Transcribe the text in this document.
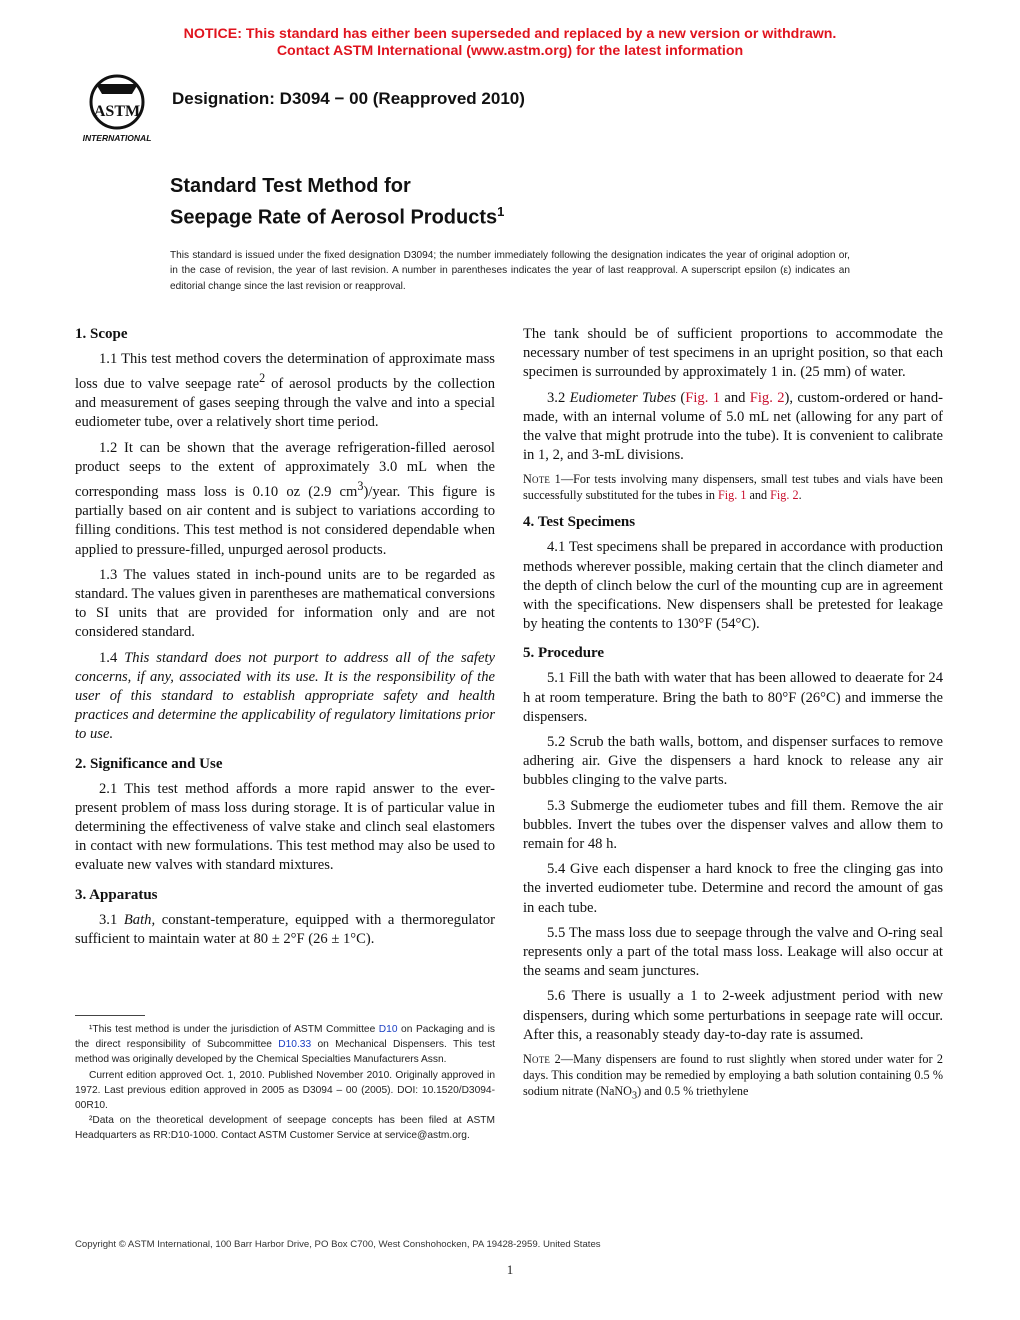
NOTICE: This standard has either been superseded and replaced by a new version or withdrawn.
Contact ASTM International (www.astm.org) for the latest information
ASTM
INTERNATIONAL
Designation: D3094 − 00 (Reapproved 2010)
Standard Test Method for
Seepage Rate of Aerosol Products$^1$
This standard is issued under the fixed designation D3094; the number immediately following the designation indicates the year of original adoption or, in the case of revision, the year of last revision. A number in parentheses indicates the year of last reapproval. A superscript epsilon (ε) indicates an editorial change since the last revision or reapproval.
1. Scope

1.1 This test method covers the determination of approximate mass loss due to valve seepage rate$^2$ of aerosol products by the collection and measurement of gases seeping through the valve and into a special eudiometer tube, over a relatively short time period.

1.2 It can be shown that the average refrigeration-filled aerosol product seeps to the extent of approximately 3.0 mL when the corresponding mass loss is 0.10 oz (2.9 $cm^3$)/year. This figure is partially based on air content and is subject to variations according to filling conditions. This test method is not considered dependable when applied to pressure-filled, unpurged aerosol products.

1.3 The values stated in inch-pound units are to be regarded as standard. The values given in parentheses are mathematical conversions to SI units that are provided for information only and are not considered standard.

1.4 This standard does not purport to address all of the safety concerns, if any, associated with its use. It is the responsibility of the user of this standard to establish appropriate safety and health practices and determine the applicability of regulatory limitations prior to use.

2. Significance and Use

2.1 This test method affords a more rapid answer to the ever-present problem of mass loss during storage. It is of particular value in determining the effectiveness of valve stake and clinch seal elastomers in contact with new formulations. This test method may also be used to evaluate new valves with standard mixtures.

3. Apparatus

3.1 Bath, constant-temperature, equipped with a thermoregulator sufficient to maintain water at 80 ± 2°F (26 ± 1°C).

¹This test method is under the jurisdiction of ASTM Committee D10 on Packaging and is the direct responsibility of Subcommittee D10.33 on Mechanical Dispensers. This test method was originally developed by the Chemical Specialties Manufacturers Assn.

Current edition approved Oct. 1, 2010. Published November 2010. Originally approved in 1972. Last previous edition approved in 2005 as D3094 – 00 (2005). DOI: 10.1520/D3094-00R10.

²Data on the theoretical development of seepage concepts has been filed at ASTM Headquarters as RR:D10-1000. Contact ASTM Customer Service at service@astm.org.

The tank should be of sufficient proportions to accommodate the necessary number of test specimens in an upright position, so that each specimen is surrounded by approximately 1 in. (25 mm) of water.

3.2 Eudiometer Tubes (Fig. 1 and Fig. 2), custom-ordered or hand-made, with an internal volume of 5.0 mL net (allowing for any part of the valve that might protrude into the tube). It is convenient to calibrate in 1, 2, and 3-mL divisions.

Note 1—For tests involving many dispensers, small test tubes and vials have been successfully substituted for the tubes in Fig. 1 and Fig. 2.
4. Test Specimens

4.1 Test specimens shall be prepared in accordance with production methods wherever possible, making certain that the clinch diameter and the depth of clinch below the curl of the mounting cup are in agreement with the specifications. New dispensers shall be pretested for leakage by heating the contents to 130°F (54°C).

5. Procedure

5.1 Fill the bath with water that has been allowed to deaerate for 24 h at room temperature. Bring the bath to 80°F (26°C) and immerse the dispensers.

5.2 Scrub the bath walls, bottom, and dispenser surfaces to remove adhering air. Give the dispensers a hard knock to release any air bubbles clinging to the valve parts.

5.3 Submerge the eudiometer tubes and fill them. Remove the air bubbles. Invert the tubes over the dispenser valves and allow them to remain for 48 h.

5.4 Give each dispenser a hard knock to free the clinging gas into the inverted eudiometer tube. Determine and record the amount of gas in each tube.

5.5 The mass loss due to seepage through the valve and O-ring seal represents only a part of the total mass loss. Leakage will also occur at the seams and seam junctures.

5.6 There is usually a 1 to 2-week adjustment period with new dispensers, during which some perturbations in seepage rate will occur. After this, a reasonably steady day-to-day rate is assumed.

Note 2—Many dispensers are found to rust slightly when stored under water for 2 days. This condition may be remedied by employing a bath solution containing 0.5 % sodium nitrate (NaNO$_3$) and 0.5 % triethylene
Copyright © ASTM International, 100 Barr Harbor Drive, PO Box C700, West Conshohocken, PA 19428-2959. United States
1
